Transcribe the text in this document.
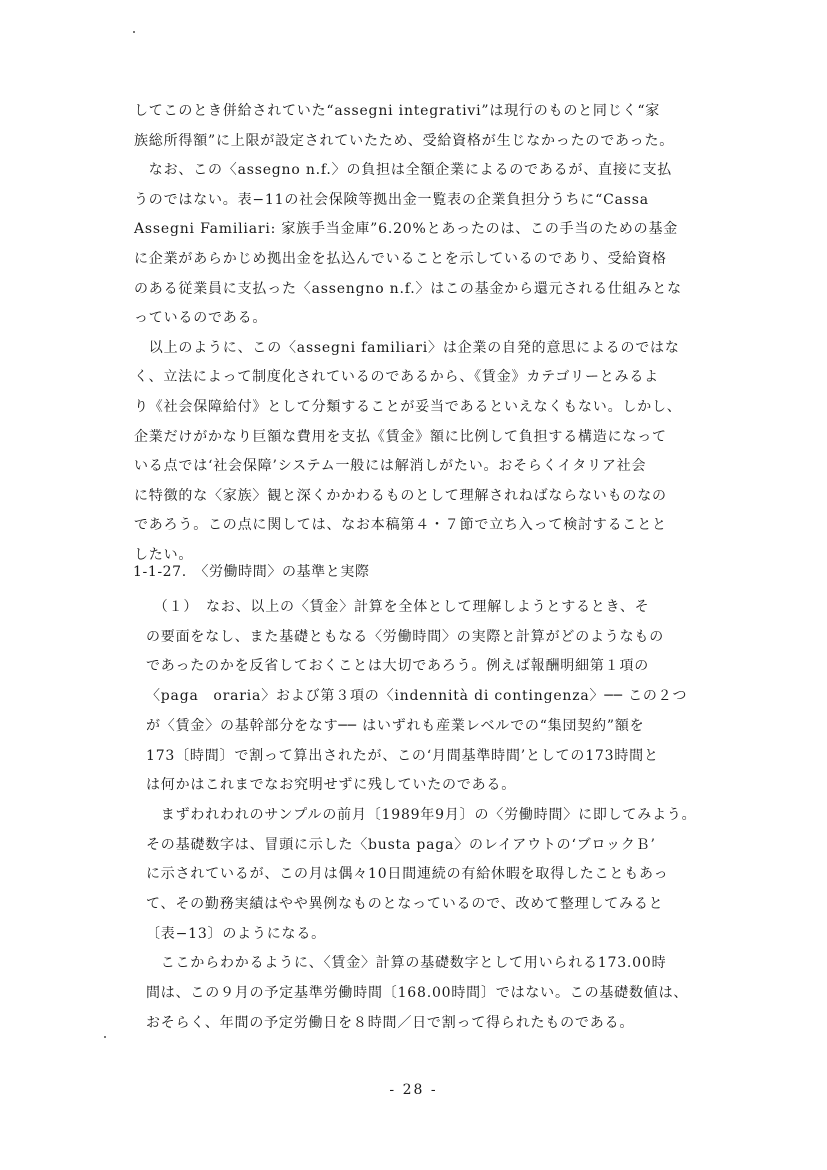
してこのとき併給されていた“assegni integrativi”は現行のものと同じく“家
族総所得額”に上限が設定されていたため、受給資格が生じなかったのであった。
　なお、この〈assegno n.f.〉の負担は全額企業によるのであるが、直接に支払
うのではない。表−11の社会保険等拠出金一覧表の企業負担分うちに“Cassa
Assegni Familiari: 家族手当金庫”6.20%とあったのは、この手当のための基金
に企業があらかじめ拠出金を払込んでいることを示しているのであり、受給資格
のある従業員に支払った〈assengno n.f.〉はこの基金から還元される仕組みとな
っているのである。
　以上のように、この〈assegni familiari〉は企業の自発的意思によるのではな
く、立法によって制度化されているのであるから、《賃金》カテゴリーとみるよ
り《社会保障給付》として分類することが妥当であるといえなくもない。しかし、
企業だけがかなり巨額な費用を支払《賃金》額に比例して負担する構造になって
いる点では‘社会保障’システム一般には解消しがたい。おそらくイタリア社会
に特徴的な〈家族〉観と深くかかわるものとして理解されねばならないものなの
であろう。この点に関しては、なお本稿第４・７節で立ち入って検討することと
したい。
1-1-27.　〈労働時間〉の基準と実際
　（１）　なお、以上の〈賃金〉計算を全体として理解しようとするとき、そ
の要面をなし、また基礎ともなる〈労働時間〉の実際と計算がどのようなもの
であったのかを反省しておくことは大切であろう。例えば報酬明細第１項の
〈paga　oraria〉および第３項の〈indennità di contingenza〉── この２つ
が〈賃金〉の基幹部分をなす── はいずれも産業レベルでの“集団契約”額を
173〔時間〕で割って算出されたが、この‘月間基準時間’としての173時間と
は何かはこれまでなお究明せずに残していたのである。
　まずわれわれのサンプルの前月〔1989年9月〕の〈労働時間〉に即してみよう。
その基礎数字は、冒頭に示した〈busta paga〉のレイアウトの‘ブロックＢ’
に示されているが、この月は偶々10日間連続の有給休暇を取得したこともあっ
て、その勤務実績はやや異例なものとなっているので、改めて整理してみると
〔表−13〕のようになる。
　ここからわかるように、〈賃金〉計算の基礎数字として用いられる173.00時
間は、この９月の予定基準労働時間〔168.00時間〕ではない。この基礎数値は、
おそらく、年間の予定労働日を８時間／日で割って得られたものである。
- 28 -
